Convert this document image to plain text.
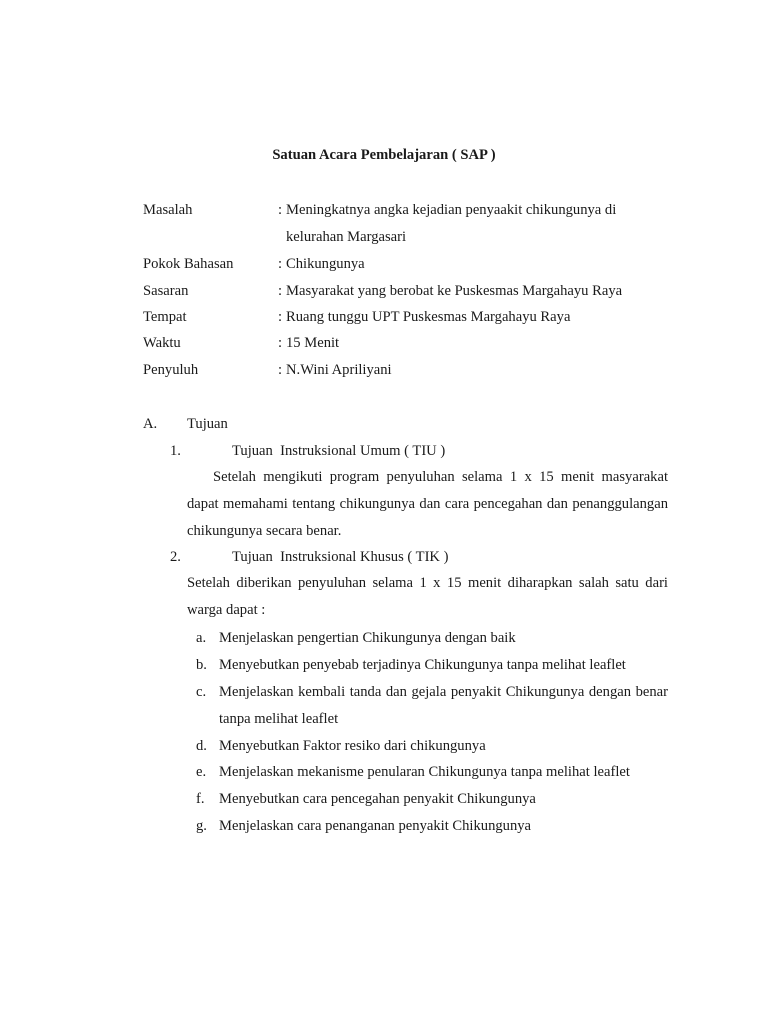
Satuan Acara Pembelajaran ( SAP )
Masalah	: Meningkatnya angka kejadian penyaakit chikungunya di kelurahan Margasari
Pokok Bahasan	: Chikungunya
Sasaran	: Masyarakat yang berobat ke Puskesmas Margahayu Raya
Tempat	: Ruang tunggu UPT Puskesmas Margahayu Raya
Waktu	: 15 Menit
Penyuluh	: N.Wini Apriliyani
A. Tujuan
1.	Tujuan  Instruksional Umum ( TIU )
Setelah mengikuti program penyuluhan selama 1 x 15 menit masyarakat dapat memahami tentang chikungunya dan cara pencegahan dan penanggulangan chikungunya secara benar.
2.	Tujuan  Instruksional Khusus ( TIK )
Setelah diberikan penyuluhan selama 1 x 15 menit diharapkan salah satu dari warga dapat :
a. Menjelaskan pengertian Chikungunya dengan baik
b. Menyebutkan penyebab terjadinya Chikungunya tanpa melihat leaflet
c. Menjelaskan kembali tanda dan gejala penyakit Chikungunya dengan benar tanpa melihat leaflet
d. Menyebutkan Faktor resiko dari chikungunya
e. Menjelaskan mekanisme penularan Chikungunya tanpa melihat leaflet
f. Menyebutkan cara pencegahan penyakit Chikungunya
g. Menjelaskan cara penanganan penyakit Chikungunya
